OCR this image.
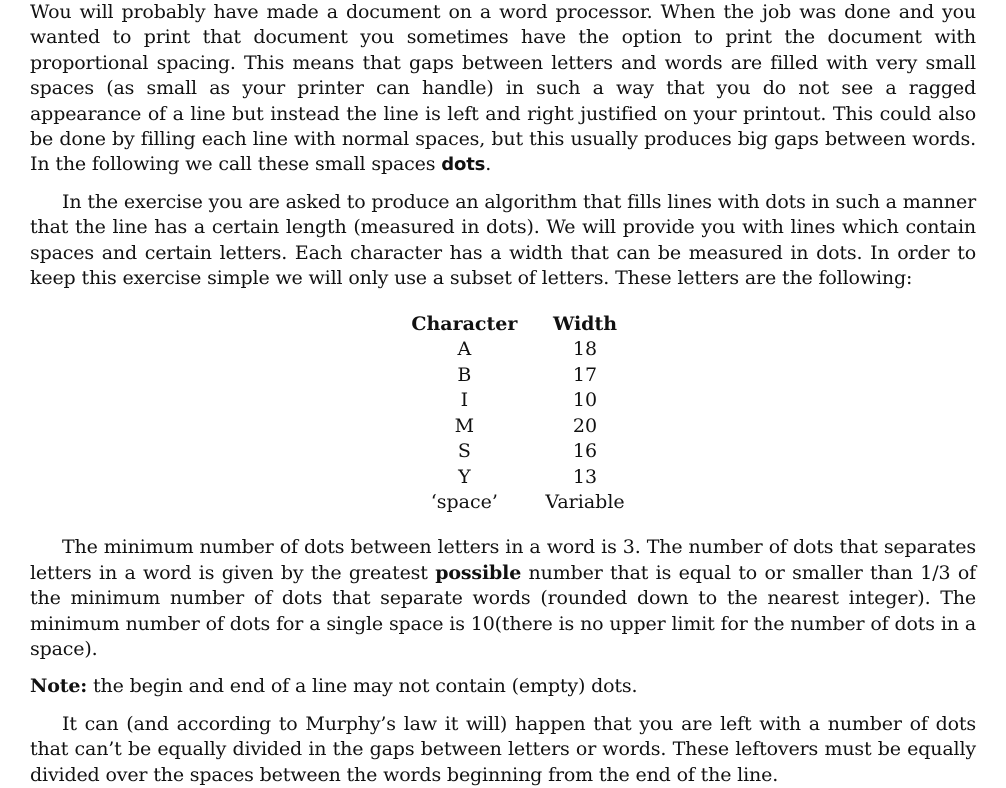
Wou will probably have made a document on a word processor. When the job was done and you wanted to print that document you sometimes have the option to print the document with proportional spacing. This means that gaps between letters and words are filled with very small spaces (as small as your printer can handle) in such a way that you do not see a ragged appearance of a line but instead the line is left and right justified on your printout. This could also be done by filling each line with normal spaces, but this usually produces big gaps between words. In the following we call these small spaces dots.

In the exercise you are asked to produce an algorithm that fills lines with dots in such a manner that the line has a certain length (measured in dots). We will provide you with lines which contain spaces and certain letters. Each character has a width that can be measured in dots. In order to keep this exercise simple we will only use a subset of letters. These letters are the following:

Character	Width
A	18
B	17
I	10
M	20
S	16
Y	13
‘space’	Variable

The minimum number of dots between letters in a word is 3. The number of dots that separates letters in a word is given by the greatest possible number that is equal to or smaller than 1/3 of the minimum number of dots that separate words (rounded down to the nearest integer). The minimum number of dots for a single space is 10(there is no upper limit for the number of dots in a space).

Note: the begin and end of a line may not contain (empty) dots.

It can (and according to Murphy’s law it will) happen that you are left with a number of dots that can’t be equally divided in the gaps between letters or words. These leftovers must be equally divided over the spaces between the words beginning from the end of the line.
